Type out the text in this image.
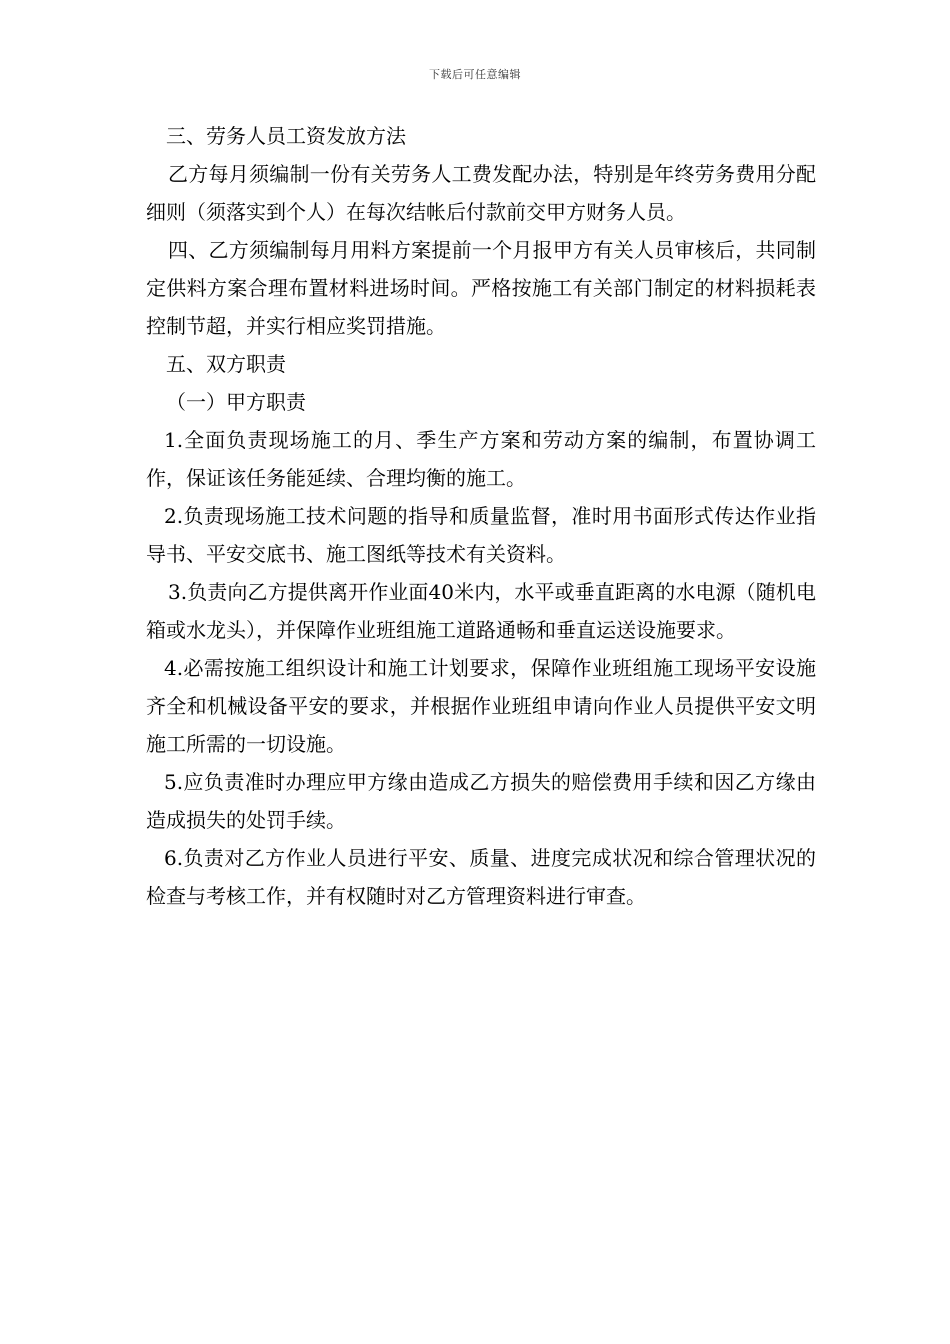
下载后可任意编辑

三、劳务人员工资发放方法

乙方每月须编制一份有关劳务人工费发配办法，特别是年终劳务费用分配细则（须落实到个人）在每次结帐后付款前交甲方财务人员。

四、乙方须编制每月用料方案提前一个月报甲方有关人员审核后，共同制定供料方案合理布置材料进场时间。严格按施工有关部门制定的材料损耗表控制节超，并实行相应奖罚措施。

五、双方职责

（一）甲方职责

1.全面负责现场施工的月、季生产方案和劳动方案的编制，布置协调工作，保证该任务能延续、合理均衡的施工。

2.负责现场施工技术问题的指导和质量监督，准时用书面形式传达作业指导书、平安交底书、施工图纸等技术有关资料。

3.负责向乙方提供离开作业面40米内，水平或垂直距离的水电源（随机电箱或水龙头），并保障作业班组施工道路通畅和垂直运送设施要求。

4.必需按施工组织设计和施工计划要求，保障作业班组施工现场平安设施齐全和机械设备平安的要求，并根据作业班组申请向作业人员提供平安文明施工所需的一切设施。

5.应负责准时办理应甲方缘由造成乙方损失的赔偿费用手续和因乙方缘由造成损失的处罚手续。

6.负责对乙方作业人员进行平安、质量、进度完成状况和综合管理状况的检查与考核工作，并有权随时对乙方管理资料进行审查。
